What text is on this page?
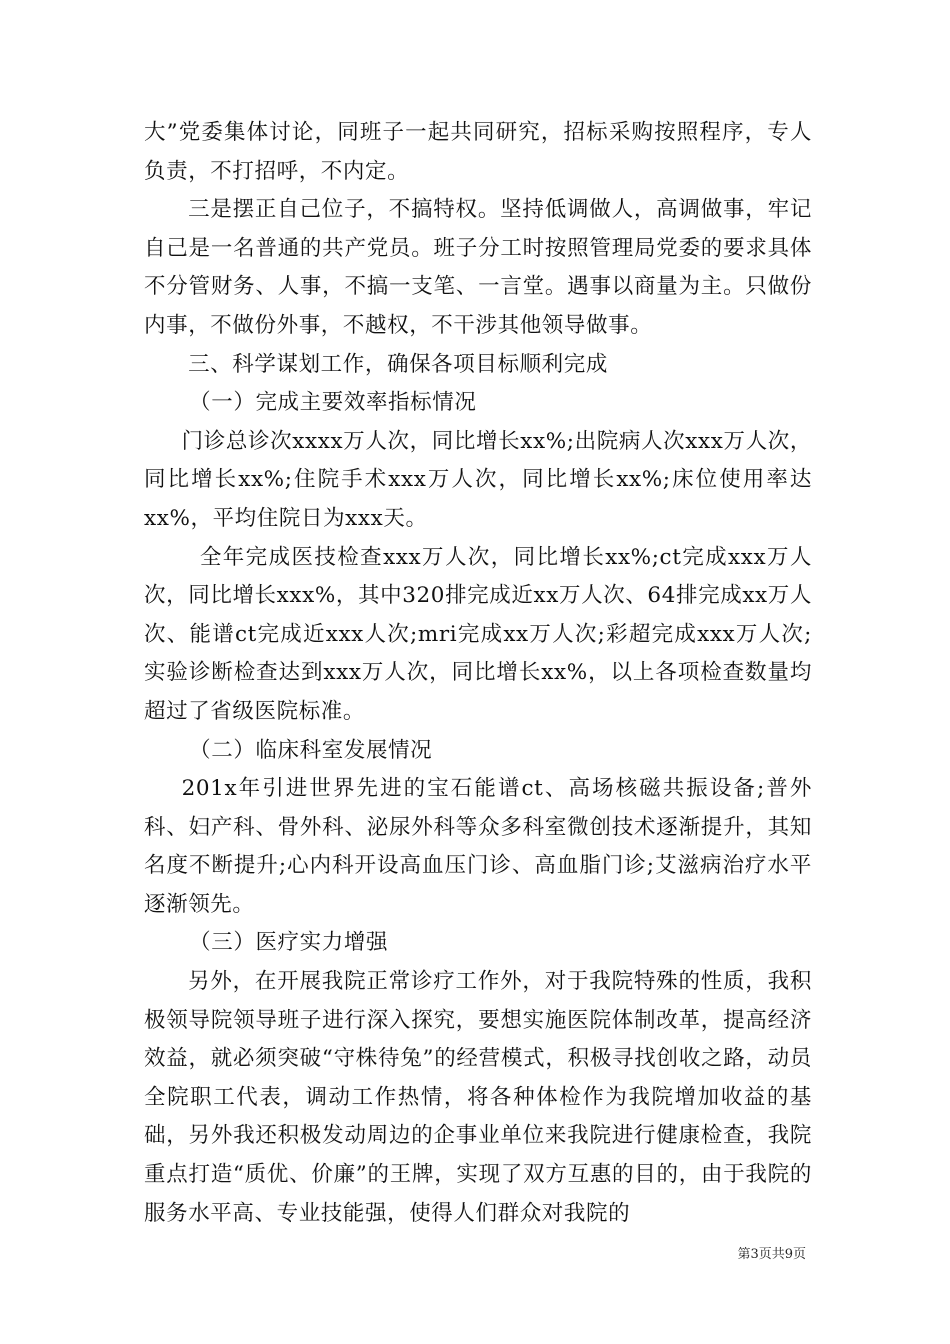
大”党委集体讨论，同班子一起共同研究，招标采购按照程序，专人负责，不打招呼，不内定。

三是摆正自己位子，不搞特权。坚持低调做人，高调做事，牢记自己是一名普通的共产党员。班子分工时按照管理局党委的要求具体不分管财务、人事，不搞一支笔、一言堂。遇事以商量为主。只做份内事，不做份外事，不越权，不干涉其他领导做事。

三、科学谋划工作，确保各项目标顺利完成

（一）完成主要效率指标情况

门诊总诊次xxxx万人次，同比增长xx%;出院病人次xxx万人次，同比增长xx%;住院手术xxx万人次，同比增长xx%;床位使用率达xx%，平均住院日为xxx天。

全年完成医技检查xxx万人次，同比增长xx%;ct完成xxx万人次，同比增长xxx%，其中320排完成近xx万人次、64排完成xx万人次、能谱ct完成近xxx人次;mri完成xx万人次;彩超完成xxx万人次;实验诊断检查达到xxx万人次，同比增长xx%，以上各项检查数量均超过了省级医院标准。

（二）临床科室发展情况

201x年引进世界先进的宝石能谱ct、高场核磁共振设备;普外科、妇产科、骨外科、泌尿外科等众多科室微创技术逐渐提升，其知名度不断提升;心内科开设高血压门诊、高血脂门诊;艾滋病治疗水平逐渐领先。

（三）医疗实力增强

另外，在开展我院正常诊疗工作外，对于我院特殊的性质，我积极领导院领导班子进行深入探究，要想实施医院体制改革，提高经济效益，就必须突破“守株待兔”的经营模式，积极寻找创收之路，动员全院职工代表，调动工作热情，将各种体检作为我院增加收益的基础，另外我还积极发动周边的企事业单位来我院进行健康检查，我院重点打造“质优、价廉”的王牌，实现了双方互惠的目的，由于我院的服务水平高、专业技能强，使得人们群众对我院的

第3页共9页
